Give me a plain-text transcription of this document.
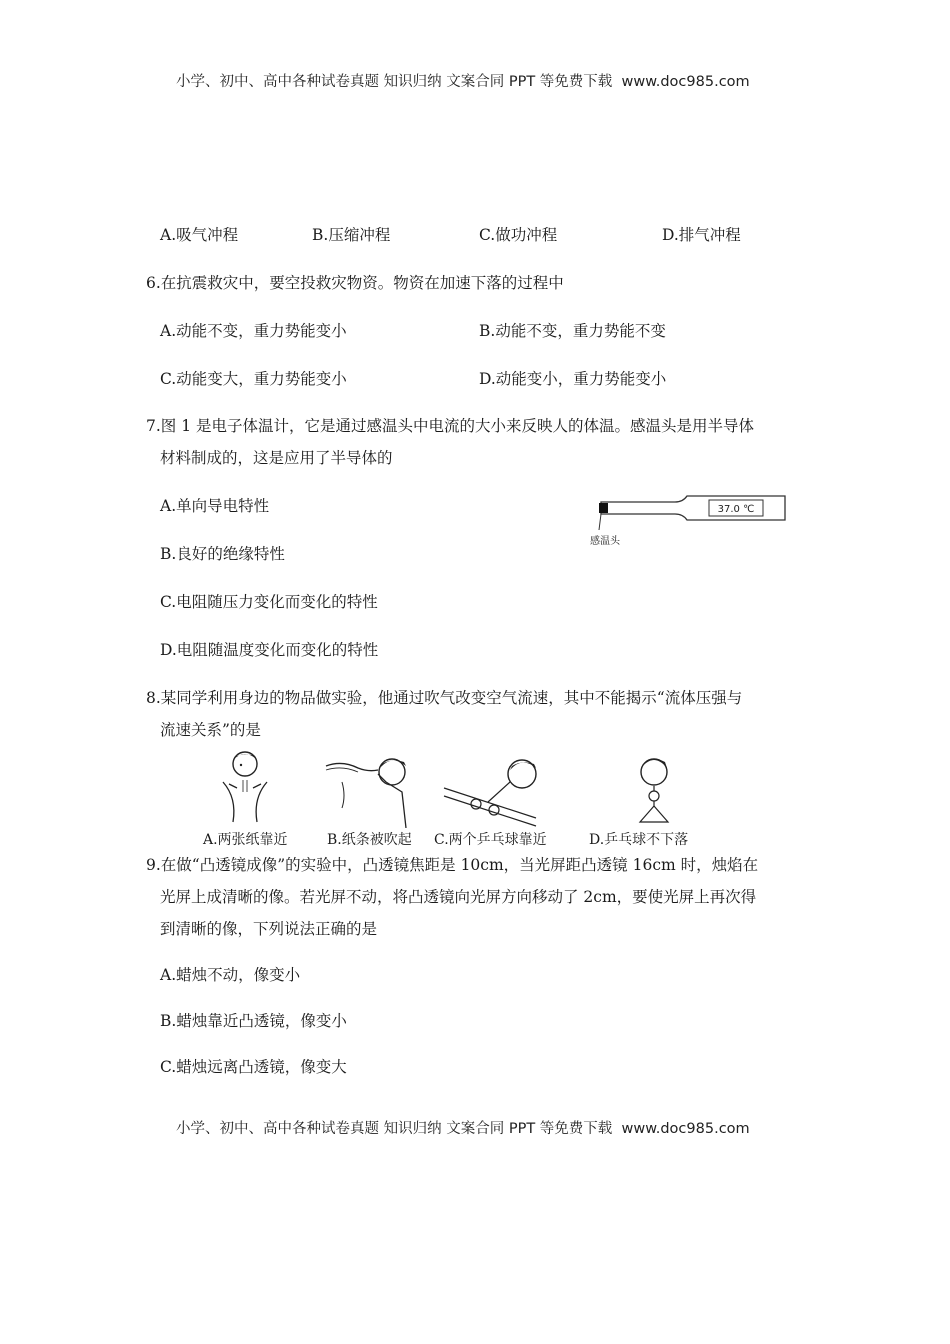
小学、初中、高中各种试卷真题 知识归纳 文案合同 PPT 等免费下载 www.doc985.com
A.吸气冲程	B.压缩冲程	C.做功冲程	D.排气冲程
6.在抗震救灾中，要空投救灾物资。物资在加速下落的过程中
A.动能不变，重力势能变小	B.动能不变，重力势能不变
C.动能变大，重力势能变小	D.动能变小，重力势能变小
7.图 1 是电子体温计，它是通过感温头中电流的大小来反映人的体温。感温头是用半导体
材料制成的，这是应用了半导体的
A.单向导电特性
B.良好的绝缘特性
C.电阻随压力变化而变化的特性
D.电阻随温度变化而变化的特性
37.0 ℃
感温头
8.某同学利用身边的物品做实验，他通过吹气改变空气流速，其中不能揭示“流体压强与
流速关系”的是
A.两张纸靠近	B.纸条被吹起 C.两个乒乓球靠近	D.乒乓球不下落
9.在做“凸透镜成像”的实验中，凸透镜焦距是 10cm，当光屏距凸透镜 16cm 时，烛焰在
光屏上成清晰的像。若光屏不动，将凸透镜向光屏方向移动了 2cm，要使光屏上再次得
到清晰的像，下列说法正确的是
A.蜡烛不动，像变小
B.蜡烛靠近凸透镜，像变小
C.蜡烛远离凸透镜，像变大
小学、初中、高中各种试卷真题 知识归纳 文案合同 PPT 等免费下载 www.doc985.com
